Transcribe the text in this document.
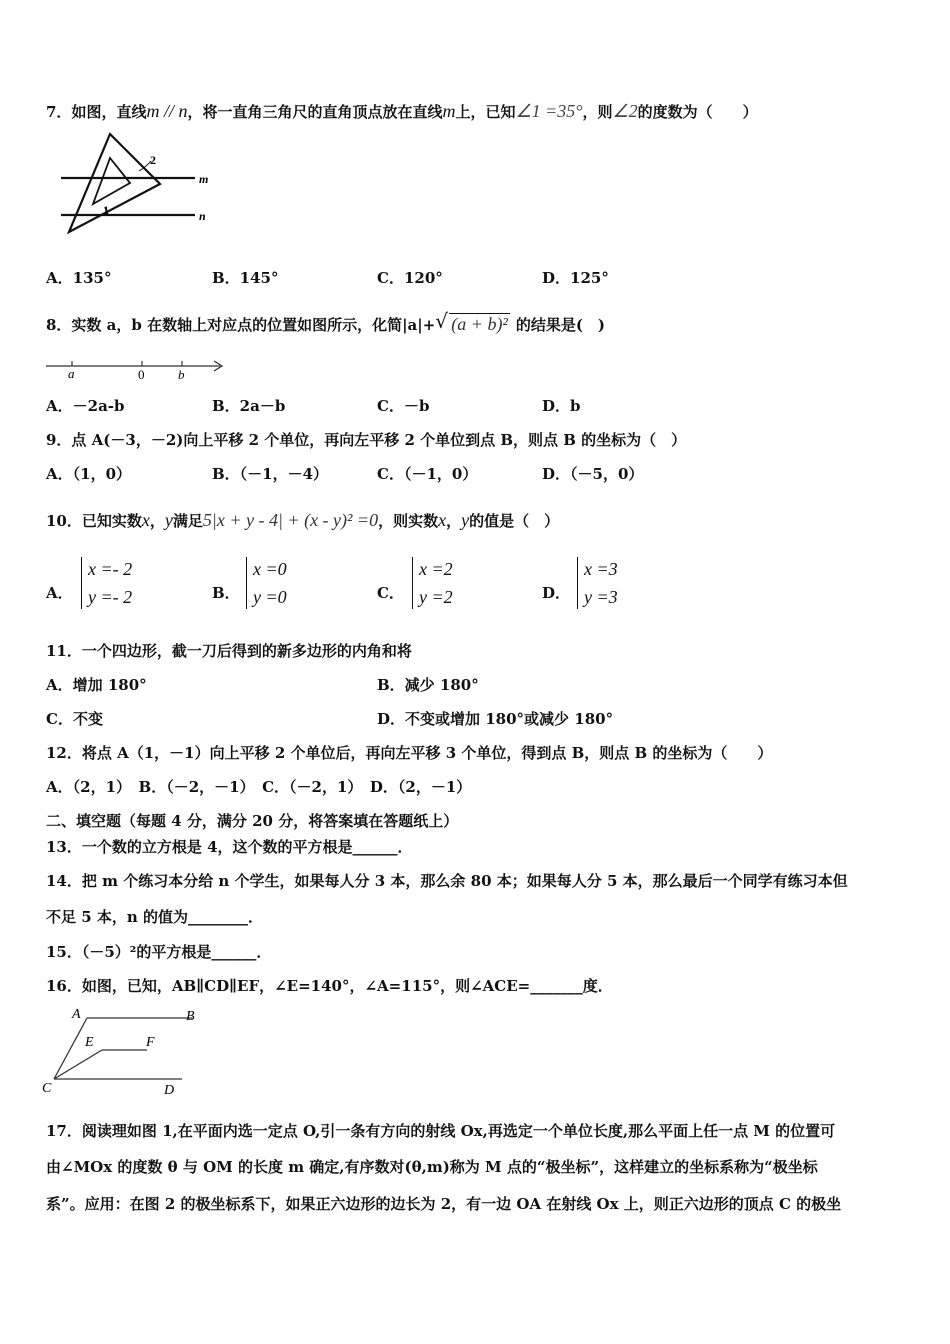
7．如图，直线m // n，将一直角三角尺的直角顶点放在直线m上，已知∠1 =35°，则∠2的度数为（　　）
2
1
m
n
A．135°	B．145°	C．120°	D．125°
8．实数 a，b 在数轴上对应点的位置如图所示，化简|a|+ √ (a + b)² 的结果是(　)
a	0	b
A．－2a-b	B．2a－b	C．－b	D．b
9．点 A(－3，－2)向上平移 2 个单位，再向左平移 2 个单位到点 B，则点 B 的坐标为（　）
A．（1，0）	B．（－1，－4）	C．（－1，0）	D．（－5，0）
10．已知实数x，y满足5|x + y - 4| + (x - y)² =0，则实数x，y的值是（　）
A．
x =- 2
y =- 2	B．
x =0
y =0	C．
x =2
y =2	D．
x =3
y =3
11．一个四边形，截一刀后得到的新多边形的内角和将
A．增加 180°	B．减少 180°
C．不变	D．不变或增加 180°或减少 180°
12．将点 A（1，－1）向上平移 2 个单位后，再向左平移 3 个单位，得到点 B，则点 B 的坐标为（　　）
A．（2，1）　B．（－2，－1）　C．（－2，1）　D．（2，－1）
二、填空题（每题 4 分，满分 20 分，将答案填在答题纸上）
13．一个数的立方根是 4，这个数的平方根是______．
14．把 m 个练习本分给 n 个学生，如果每人分 3 本，那么余 80 本；如果每人分 5 本，那么最后一个同学有练习本但
不足 5 本，n 的值为________．
15．（－5）²的平方根是______．
16．如图，已知，AB∥CD∥EF，∠E=140°，∠A=115°，则∠ACE=_______度．
A	B
E	F
C	D
17．阅读理如图 1,在平面内选一定点 O,引一条有方向的射线 Ox,再选定一个单位长度,那么平面上任一点 M 的位置可
由∠MOx 的度数 θ 与 OM 的长度 m 确定,有序数对(θ,m)称为 M 点的“极坐标”，这样建立的坐标系称为“极坐标
系”。应用：在图 2 的极坐标系下，如果正六边形的边长为 2，有一边 OA 在射线 Ox 上，则正六边形的顶点 C 的极坐
